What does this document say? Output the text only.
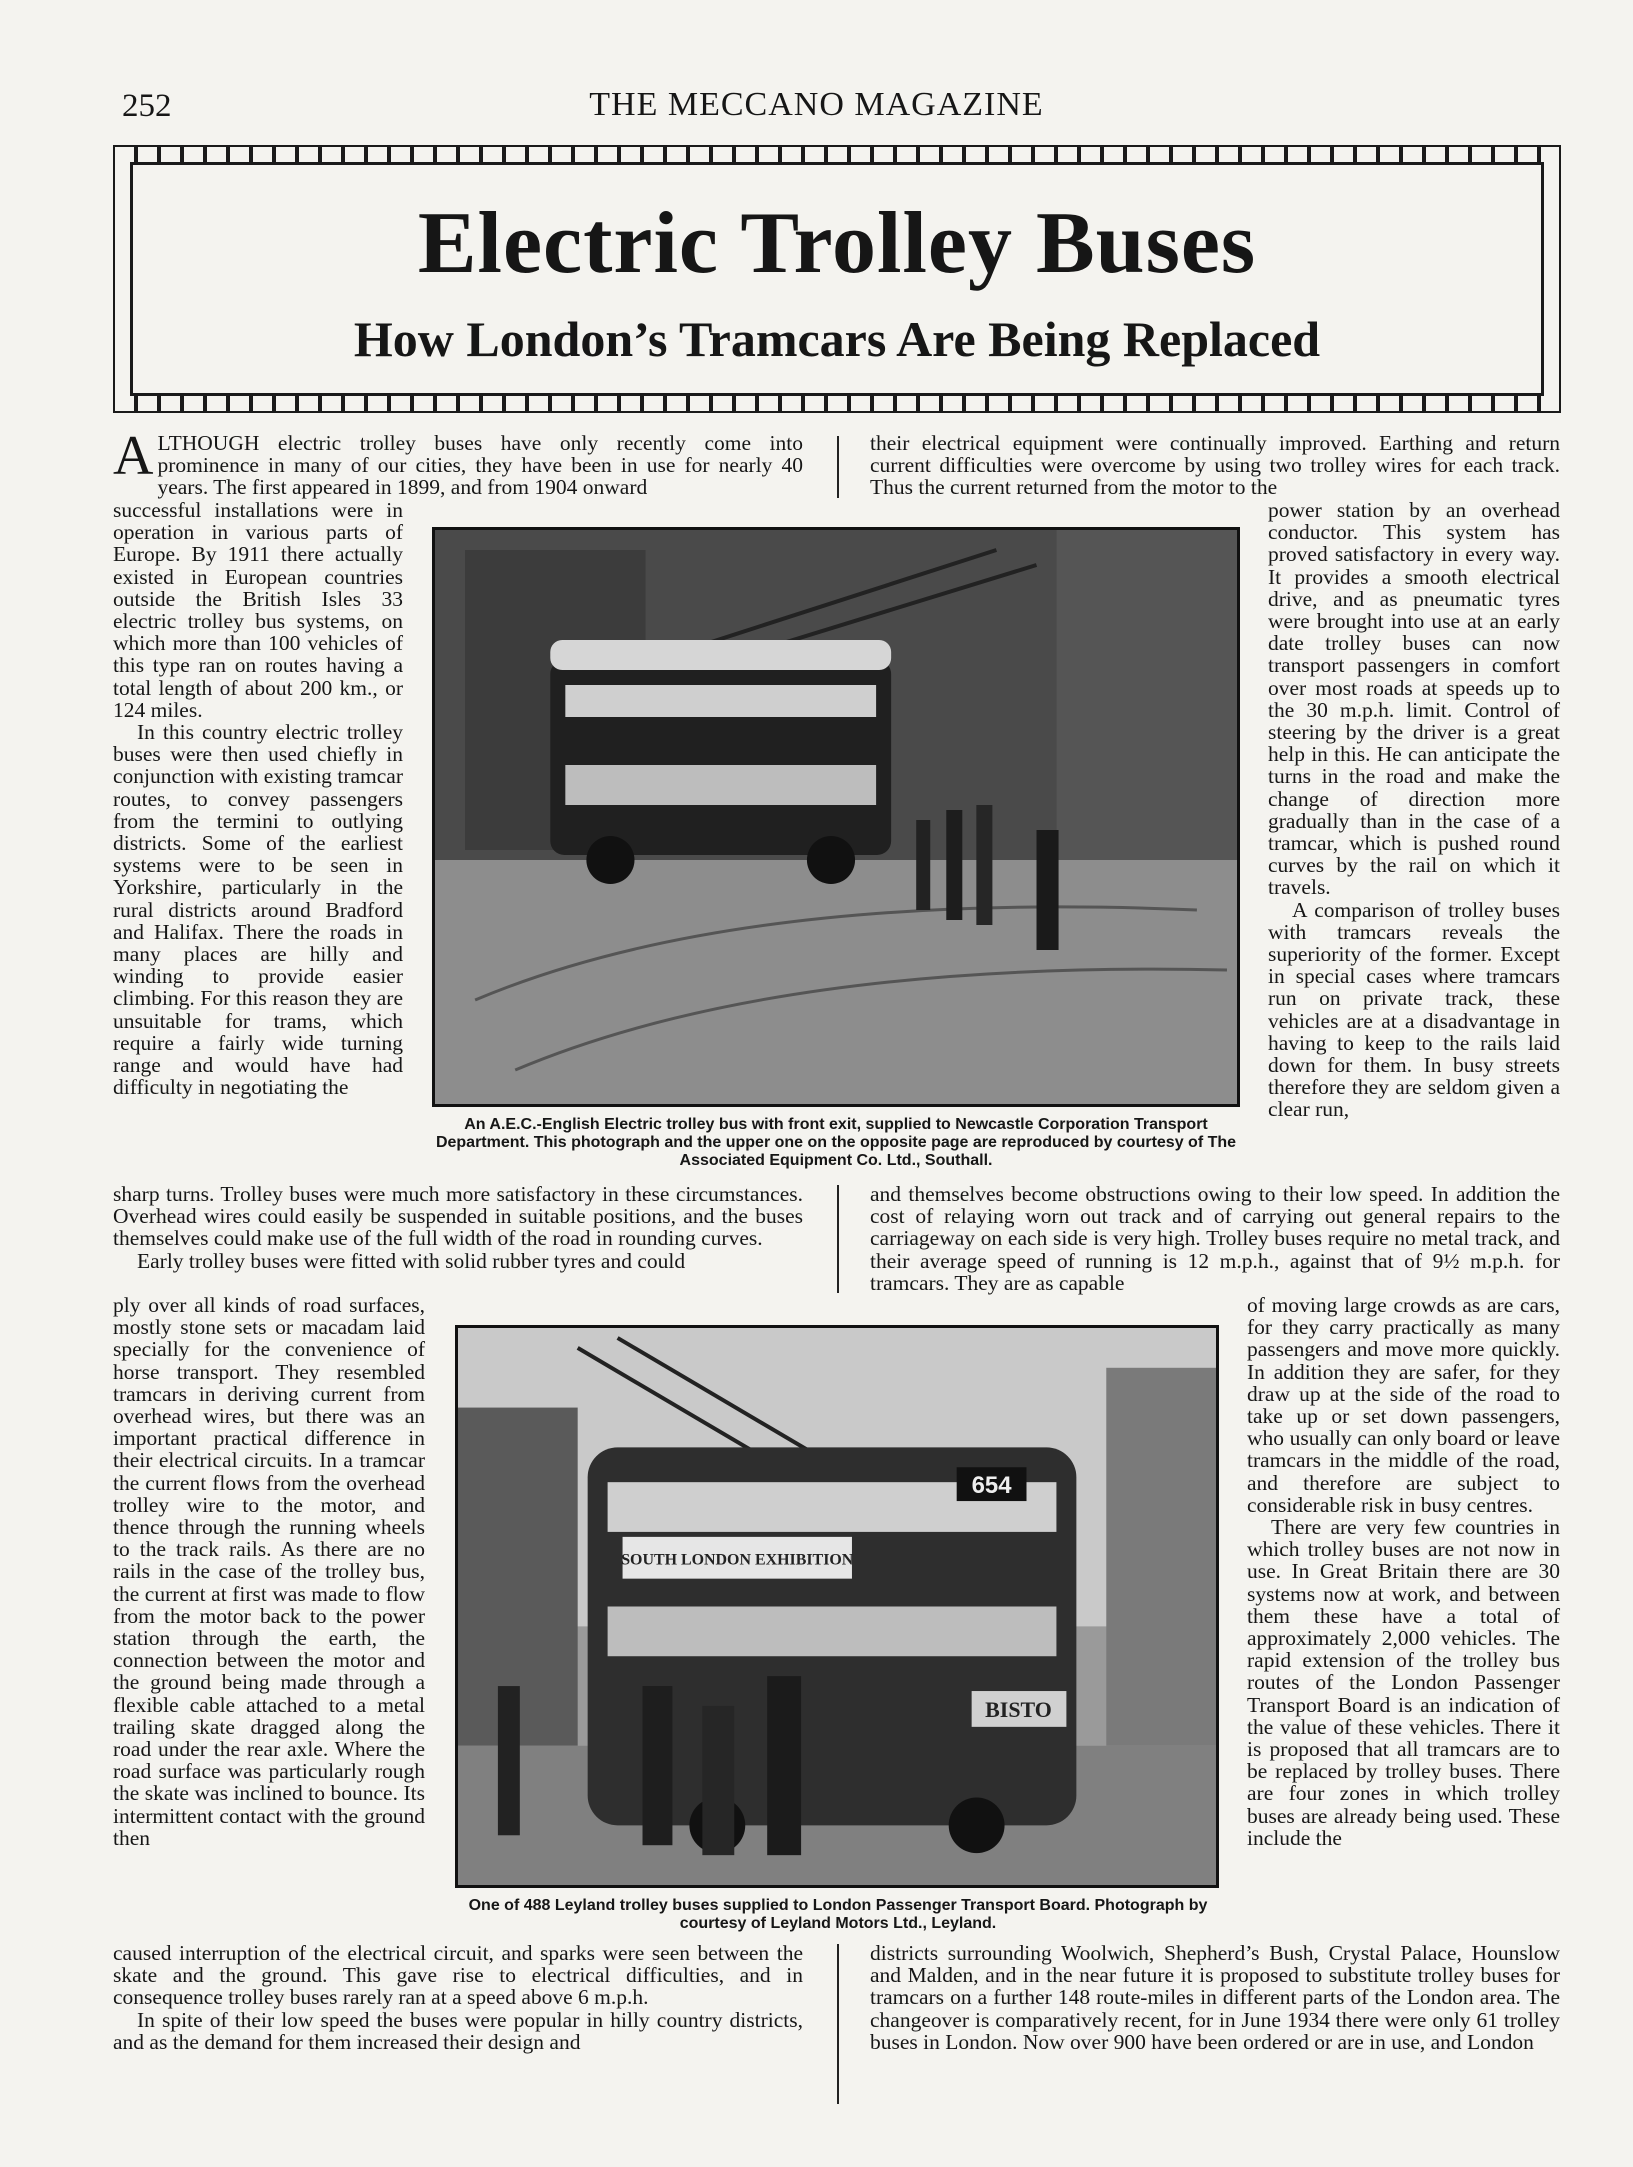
252	THE MECCANO MAGAZINE
Electric Trolley Buses
How London’s Tramcars Are Being Replaced
ALTHOUGH electric trolley buses have only recently come into prominence in many of our cities, they have been in use for nearly 40 years. The first appeared in 1899, and from 1904 onward

their electrical equipment were continually improved. Earthing and return current difficulties were overcome by using two trolley wires for each track. Thus the current returned from the motor to the

successful installations were in operation in various parts of Europe. By 1911 there actually existed in European countries outside the British Isles 33 electric trolley bus systems, on which more than 100 vehicles of this type ran on routes having a total length of about 200 km., or 124 miles.

In this country electric trolley buses were then used chiefly in conjunction with existing tramcar routes, to convey passengers from the termini to outlying districts. Some of the earliest systems were to be seen in Yorkshire, particularly in the rural districts around Bradford and Halifax. There the roads in many places are hilly and winding to provide easier climbing. For this reason they are unsuitable for trams, which require a fairly wide turning range and would have had difficulty in negotiating the

An A.E.C.-English Electric trolley bus with front exit, supplied to Newcastle Corporation Transport Department. This photograph and the upper one on the opposite page are reproduced by courtesy of The Associated Equipment Co. Ltd., Southall.

power station by an overhead conductor. This system has proved satisfactory in every way. It provides a smooth electrical drive, and as pneumatic tyres were brought into use at an early date trolley buses can now transport passengers in comfort over most roads at speeds up to the 30 m.p.h. limit. Control of steering by the driver is a great help in this. He can anticipate the turns in the road and make the change of direction more gradually than in the case of a tramcar, which is pushed round curves by the rail on which it travels.

A comparison of trolley buses with tramcars reveals the superiority of the former. Except in special cases where tramcars run on private track, these vehicles are at a disadvantage in having to keep to the rails laid down for them. In busy streets therefore they are seldom given a clear run,

sharp turns. Trolley buses were much more satisfactory in these circumstances. Overhead wires could easily be suspended in suitable positions, and the buses themselves could make use of the full width of the road in rounding curves.

Early trolley buses were fitted with solid rubber tyres and could

and themselves become obstructions owing to their low speed. In addition the cost of relaying worn out track and of carrying out general repairs to the carriageway on each side is very high. Trolley buses require no metal track, and their average speed of running is 12 m.p.h., against that of 9½ m.p.h. for tramcars. They are as capable

ply over all kinds of road surfaces, mostly stone sets or macadam laid specially for the convenience of horse transport. They resembled tramcars in deriving current from overhead wires, but there was an important practical difference in their electrical circuits. In a tramcar the current flows from the overhead trolley wire to the motor, and thence through the running wheels to the track rails. As there are no rails in the case of the trolley bus, the current at first was made to flow from the motor back to the power station through the earth, the connection between the motor and the ground being made through a flexible cable attached to a metal trailing skate dragged along the road under the rear axle. Where the road surface was particularly rough the skate was inclined to bounce. Its intermittent contact with the ground then

SOUTH LONDON EXHIBITION
654
BISTO
One of 488 Leyland trolley buses supplied to London Passenger Transport Board. Photograph by courtesy of Leyland Motors Ltd., Leyland.

of moving large crowds as are cars, for they carry practically as many passengers and move more quickly. In addition they are safer, for they draw up at the side of the road to take up or set down passengers, who usually can only board or leave tramcars in the middle of the road, and therefore are subject to considerable risk in busy centres.

There are very few countries in which trolley buses are not now in use. In Great Britain there are 30 systems now at work, and between them these have a total of approximately 2,000 vehicles. The rapid extension of the trolley bus routes of the London Passenger Transport Board is an indication of the value of these vehicles. There it is proposed that all tramcars are to be replaced by trolley buses. There are four zones in which trolley buses are already being used. These include the

caused interruption of the electrical circuit, and sparks were seen between the skate and the ground. This gave rise to electrical difficulties, and in consequence trolley buses rarely ran at a speed above 6 m.p.h.

In spite of their low speed the buses were popular in hilly country districts, and as the demand for them increased their design and

districts surrounding Woolwich, Shepherd’s Bush, Crystal Palace, Hounslow and Malden, and in the near future it is proposed to substitute trolley buses for tramcars on a further 148 route-miles in different parts of the London area. The changeover is comparatively recent, for in June 1934 there were only 61 trolley buses in London. Now over 900 have been ordered or are in use, and London
